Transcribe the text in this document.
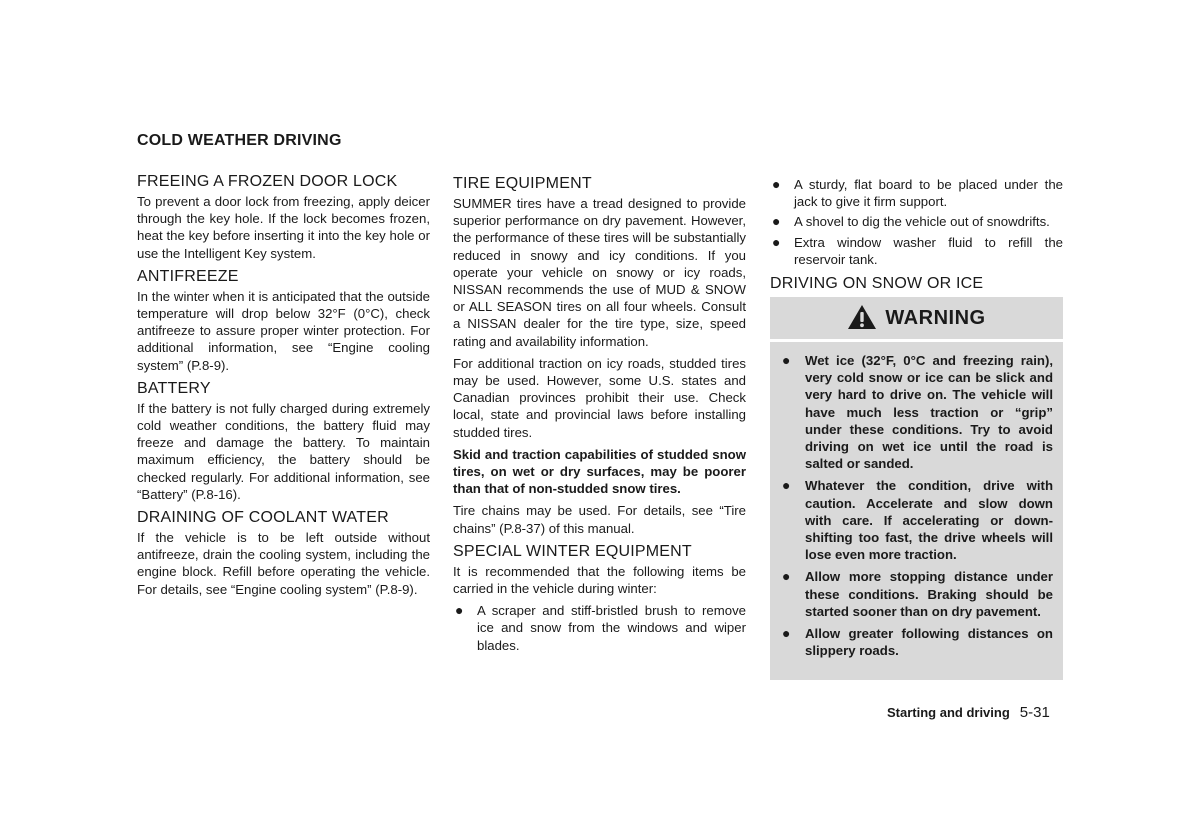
COLD WEATHER DRIVING
FREEING A FROZEN DOOR LOCK

To prevent a door lock from freezing, apply deicer through the key hole. If the lock becomes frozen, heat the key before inserting it into the key hole or use the Intelligent Key system.

ANTIFREEZE

In the winter when it is anticipated that the outside temperature will drop below 32°F (0°C), check antifreeze to assure proper winter protection. For additional information, see “Engine cooling system” (P.8-9).

BATTERY

If the battery is not fully charged during extremely cold weather conditions, the battery fluid may freeze and damage the battery. To maintain maximum efficiency, the battery should be checked regularly. For additional information, see “Battery” (P.8-16).

DRAINING OF COOLANT WATER

If the vehicle is to be left outside without antifreeze, drain the cooling system, including the engine block. Refill before operating the vehicle. For details, see “Engine cooling system” (P.8-9).

TIRE EQUIPMENT

SUMMER tires have a tread designed to provide superior performance on dry pavement. However, the performance of these tires will be substantially reduced in snowy and icy conditions. If you operate your vehicle on snowy or icy roads, NISSAN recommends the use of MUD & SNOW or ALL SEASON tires on all four wheels. Consult a NISSAN dealer for the tire type, size, speed rating and availability information.

For additional traction on icy roads, studded tires may be used. However, some U.S. states and Canadian provinces prohibit their use. Check local, state and provincial laws before installing studded tires.

Skid and traction capabilities of studded snow tires, on wet or dry surfaces, may be poorer than that of non-studded snow tires.

Tire chains may be used. For details, see “Tire chains” (P.8-37) of this manual.

SPECIAL WINTER EQUIPMENT

It is recommended that the following items be carried in the vehicle during winter:

● A scraper and stiff-bristled brush to remove ice and snow from the windows and wiper blades.
● A sturdy, flat board to be placed under the jack to give it firm support.
● A shovel to dig the vehicle out of snowdrifts.
● Extra window washer fluid to refill the reservoir tank.
DRIVING ON SNOW OR ICE
WARNING
● Wet ice (32°F, 0°C and freezing rain), very cold snow or ice can be slick and very hard to drive on. The vehicle will have much less traction or “grip” under these conditions. Try to avoid driving on wet ice until the road is salted or sanded.
● Whatever the condition, drive with caution. Accelerate and slow down with care. If accelerating or down-shifting too fast, the drive wheels will lose even more traction.
● Allow more stopping distance under these conditions. Braking should be started sooner than on dry pavement.
● Allow greater following distances on slippery roads.
Starting and driving 5-31
